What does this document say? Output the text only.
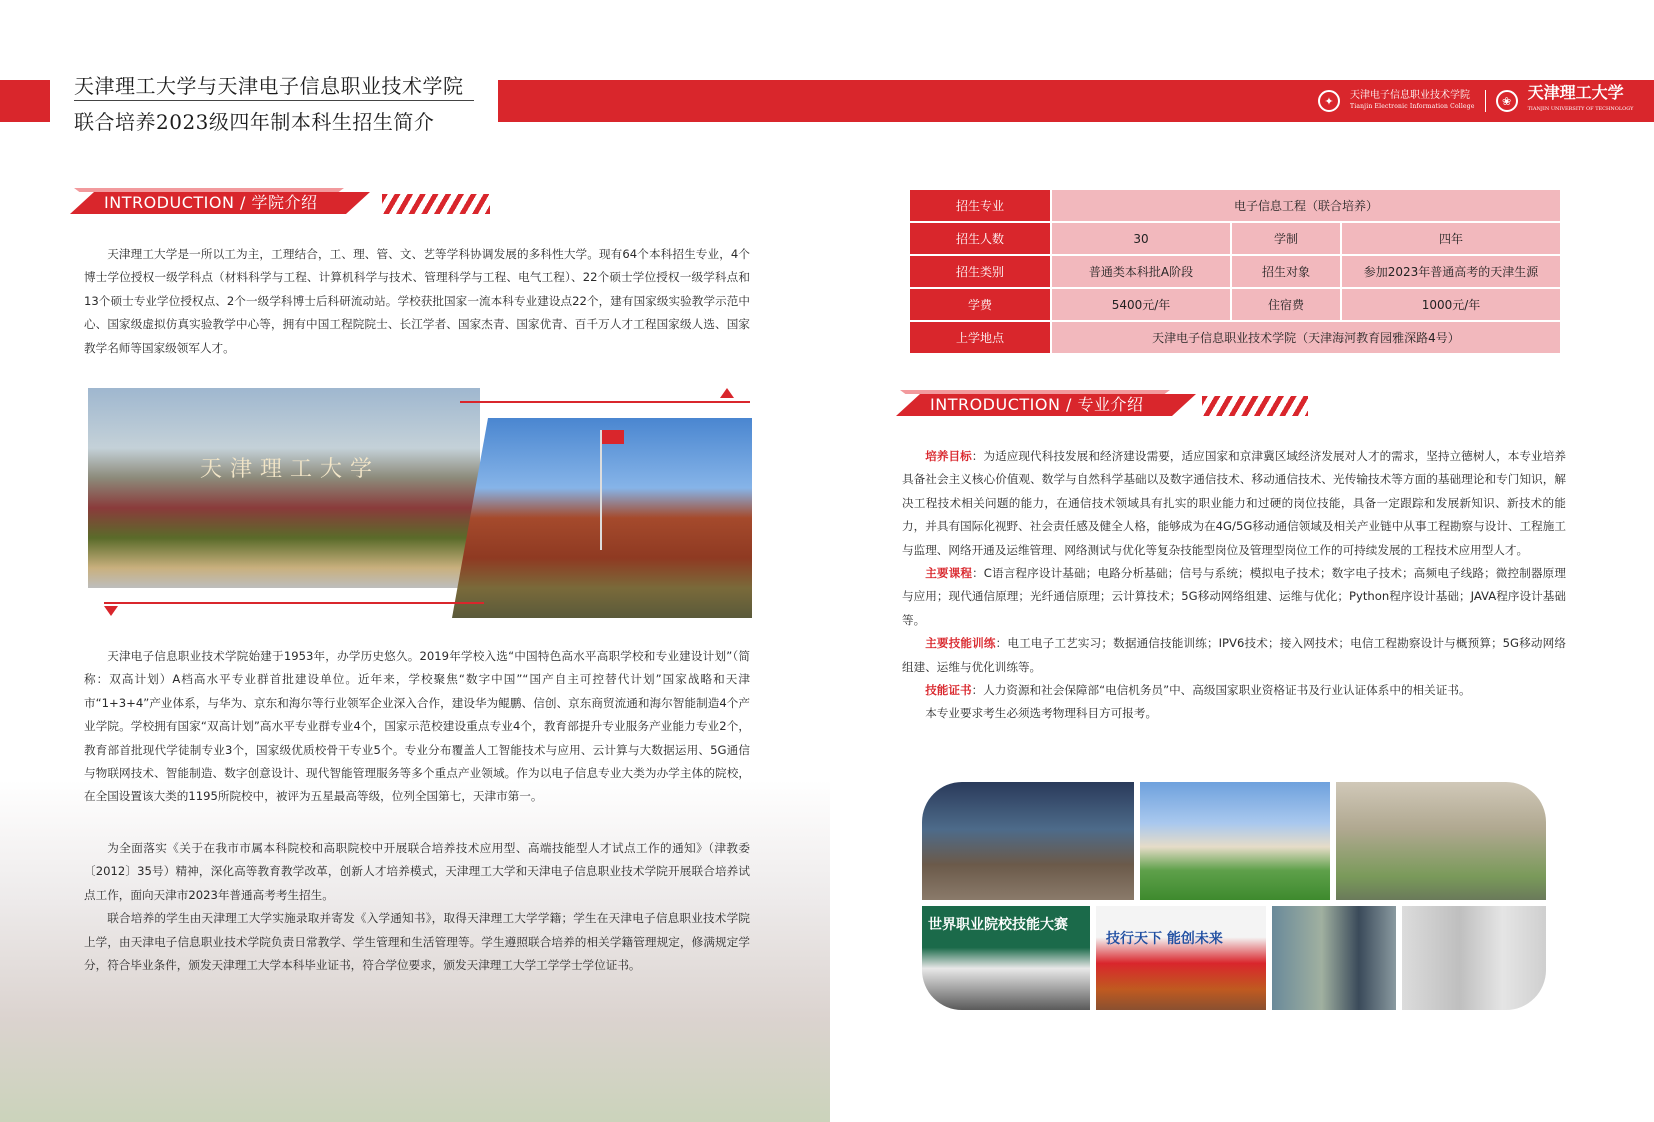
天津理工大学与天津电子信息职业技术学院
联合培养2023级四年制本科生招生简介
✦	天津电子信息职业技术学院
Tianjin Electronic Information College	❀	天津理工大学
TIANJIN UNIVERSITY OF TECHNOLOGY
INTRODUCTION / 学院介绍

天津理工大学是一所以工为主，工理结合，工、理、管、文、艺等学科协调发展的多科性大学。现有64个本科招生专业，4个博士学位授权一级学科点（材料科学与工程、计算机科学与技术、管理科学与工程、电气工程）、22个硕士学位授权一级学科点和13个硕士专业学位授权点、2个一级学科博士后科研流动站。学校获批国家一流本科专业建设点22个，建有国家级实验教学示范中心、国家级虚拟仿真实验教学中心等，拥有中国工程院院士、长江学者、国家杰青、国家优青、百千万人才工程国家级人选、国家教学名师等国家级领军人才。

天津理工大学

天津电子信息职业技术学院始建于1953年，办学历史悠久。2019年学校入选“中国特色高水平高职学校和专业建设计划”（简称：双高计划）A档高水平专业群首批建设单位。近年来，学校聚焦“数字中国”“国产自主可控替代计划”国家战略和天津市“1+3+4”产业体系，与华为、京东和海尔等行业领军企业深入合作，建设华为鲲鹏、信创、京东商贸流通和海尔智能制造4个产业学院。学校拥有国家“双高计划”高水平专业群专业4个，国家示范校建设重点专业4个，教育部提升专业服务产业能力专业2个，教育部首批现代学徒制专业3个，国家级优质校骨干专业5个。专业分布覆盖人工智能技术与应用、云计算与大数据运用、5G通信与物联网技术、智能制造、数字创意设计、现代智能管理服务等多个重点产业领域。作为以电子信息专业大类为办学主体的院校，在全国设置该大类的1195所院校中，被评为五星最高等级，位列全国第七，天津市第一。

为全面落实《关于在我市市属本科院校和高职院校中开展联合培养技术应用型、高端技能型人才试点工作的通知》（津教委〔2012〕35号）精神，深化高等教育教学改革，创新人才培养模式，天津理工大学和天津电子信息职业技术学院开展联合培养试点工作，面向天津市2023年普通高考考生招生。

联合培养的学生由天津理工大学实施录取并寄发《入学通知书》，取得天津理工大学学籍；学生在天津电子信息职业技术学院上学，由天津电子信息职业技术学院负责日常教学、学生管理和生活管理等。学生遵照联合培养的相关学籍管理规定，修满规定学分，符合毕业条件，颁发天津理工大学本科毕业证书，符合学位要求，颁发天津理工大学工学学士学位证书。

招生专业	电子信息工程（联合培养）		
招生人数	30	学制	四年
招生类别	普通类本科批A阶段	招生对象	参加2023年普通高考的天津生源
学费	5400元/年	住宿费	1000元/年
上学地点	天津电子信息职业技术学院（天津海河教育园雅深路4号）		
INTRODUCTION / 专业介绍

培养目标：为适应现代科技发展和经济建设需要，适应国家和京津冀区域经济发展对人才的需求，坚持立德树人，本专业培养具备社会主义核心价值观、数学与自然科学基础以及数字通信技术、移动通信技术、光传输技术等方面的基础理论和专门知识，解决工程技术相关问题的能力，在通信技术领域具有扎实的职业能力和过硬的岗位技能，具备一定跟踪和发展新知识、新技术的能力，并具有国际化视野、社会责任感及健全人格，能够成为在4G/5G移动通信领域及相关产业链中从事工程勘察与设计、工程施工与监理、网络开通及运维管理、网络测试与优化等复杂技能型岗位及管理型岗位工作的可持续发展的工程技术应用型人才。

主要课程：C语言程序设计基础；电路分析基础；信号与系统；模拟电子技术；数字电子技术；高频电子线路；微控制器原理与应用；现代通信原理；光纤通信原理；云计算技术；5G移动网络组建、运维与优化；Python程序设计基础；JAVA程序设计基础等。

主要技能训练：电工电子工艺实习；数据通信技能训练；IPV6技术；接入网技术；电信工程勘察设计与概预算；5G移动网络组建、运维与优化训练等。

技能证书：人力资源和社会保障部“电信机务员”中、高级国家职业资格证书及行业认证体系中的相关证书。

本专业要求考生必须选考物理科目方可报考。

世界职业院校技能大赛
技行天下 能创未来
